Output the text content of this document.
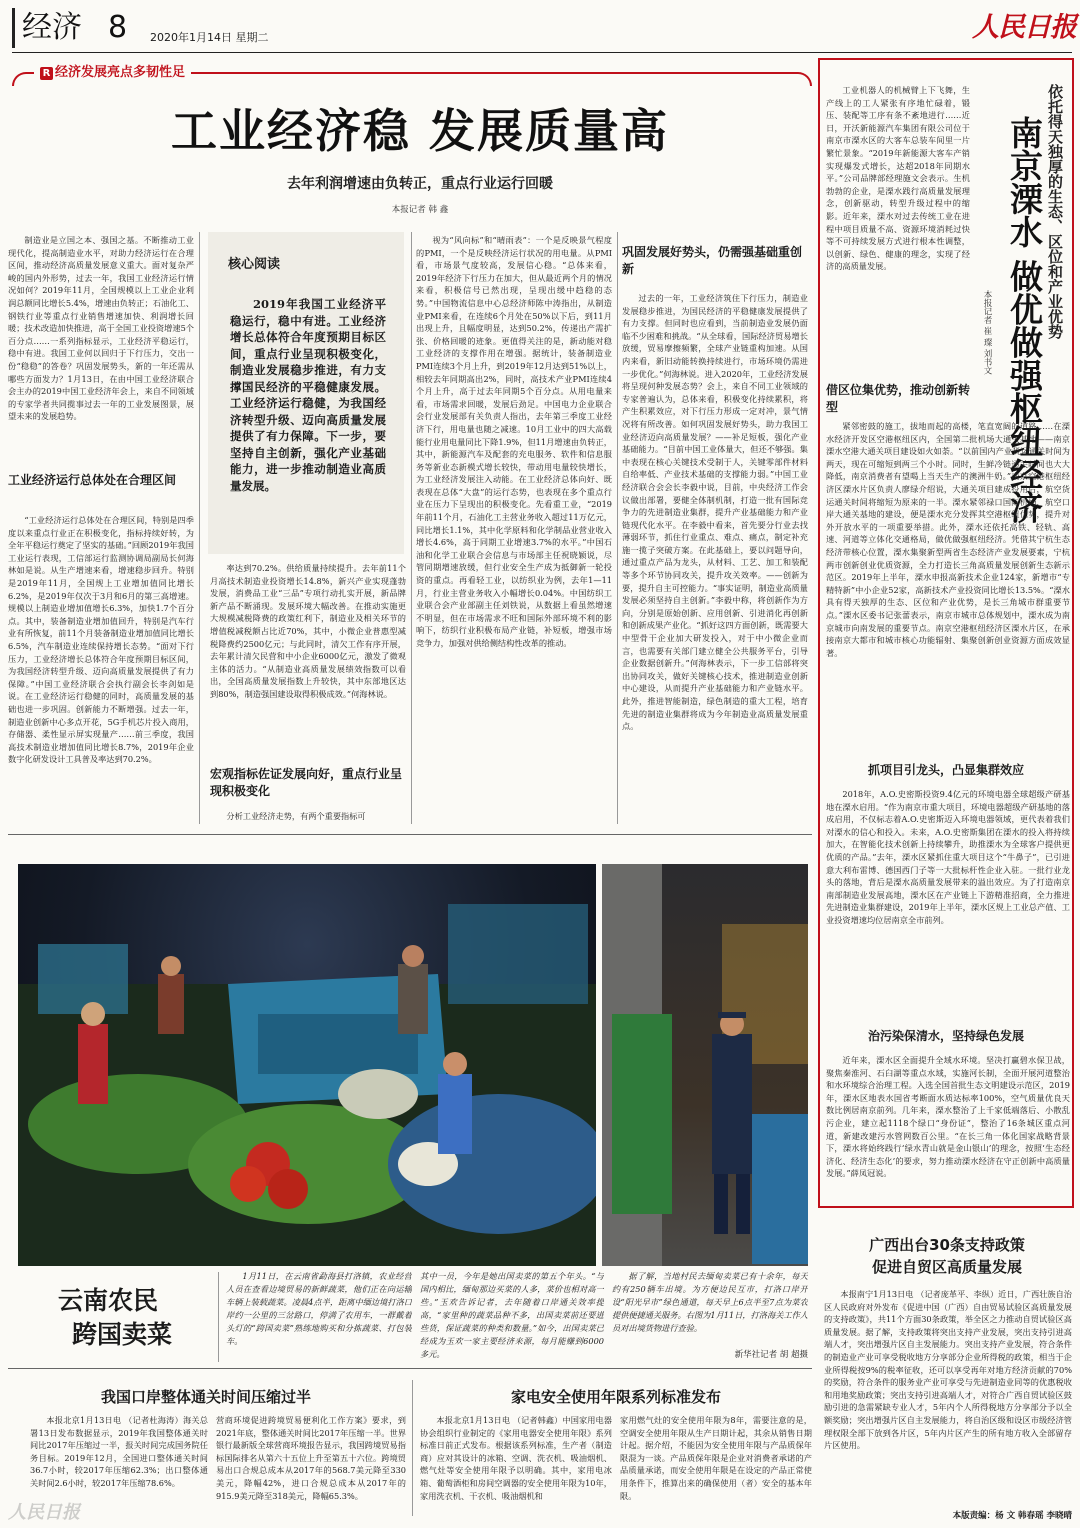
经济 8 2020年1月14日 星期二	人民日报
R 经济发展亮点多韧性足
工业经济稳 发展质量高
去年利润增速由负转正，重点行业运行回暖
本报记者 韩 鑫

制造业是立国之本、强国之基。不断推动工业现代化，提高制造业水平，对助力经济运行在合理区间，推动经济高质量发展意义重大。面对复杂严峻的国内外形势，过去一年，我国工业经济运行情况如何？2019年11月，全国规模以上工业企业利润总额同比增长5.4%，增速由负转正；石油化工、钢铁行业等重点行业销售增速加快、利润增长回暖；技术改造加快推进，高于全国工业投资增速5个百分点……一系列指标显示，工业经济平稳运行，稳中有进。我国工业何以回归于下行压力，交出一份“稳稳”的答卷？巩固发展势头，新的一年还需从哪些方面发力？1月13日，在由中国工业经济联合会主办的2019中国工业经济年会上，来自不同领域的专家学者共同揽事过去一年的工业发展图景，展望未来的发展趋势。

工业经济运行总体处在合理区间

“工业经济运行总体处在合理区间，特别是四季度以来重点行业正在积极变化，指标持续好转，为全年平稳运行奠定了坚实的基础。”回顾2019年我国工业运行表现，工信部运行监测协调局副局长何海林如是说。从生产增速来看，增速稳步回升。特别是2019年11月，全国规上工业增加值同比增长6.2%，是2019年仅次于3月和6月的第三高增速。规模以上制造业增加值增长6.3%，加快1.7个百分点。其中，装备制造业增加值回升，特别是汽车行业有所恢复，前11个月装备制造业增加值同比增长6.5%，汽车制造业连续保持增长态势。“面对下行压力，工业经济增长总体符合年度预期目标区间，为我国经济转型升级、迈向高质量发展提供了有力保障。”中国工业经济联合会执行副会长李剑如是说。在工业经济运行稳健的同时，高质量发展的基础也进一步巩固。创新能力不断增强。过去一年，制造业创新中心多点开花，5G手机芯片投入商用，存储器、柔性显示屏实现量产……前三季度，我国高技术制造业增加值同比增长8.7%，2019年企业数字化研发设计工具普及率达到70.2%。

核心阅读
2019年我国工业经济平稳运行，稳中有进。工业经济增长总体符合年度预期目标区间，重点行业呈现积极变化，制造业发展稳步推进，有力支撑国民经济的平稳健康发展。工业经济运行稳健，为我国经济转型升级、迈向高质量发展提供了有力保障。下一步，要坚持自主创新，强化产业基础能力，进一步推动制造业高质量发展。

率达到70.2%。供给质量持续提升。去年前11个月高技术制造业投资增长14.8%，新兴产业实现蓬勃发展，消费品工业“三品”专项行动扎实开展，新品牌新产品不断涌现。发展环境大幅改善。在推动实施更大规模减税降费的政策红利下，制造业及相关环节的增值税减税额占比近70%，其中，小微企业普惠型减税降费约2500亿元；与此同时，清欠工作有序开展，去年累计清欠民营和中小企业6000亿元，激发了微观主体的活力。“从制造业高质量发展绩效指数可以看出，全国高质量发展指数上升较快，其中东部地区达到80%，制造强国建设取得积极成效。”何海林说。

宏观指标佐证发展向好，重点行业呈现积极变化

分析工业经济走势，有两个重要指标可

视为“风向标”和“晴雨表”：一个是反映景气程度的PMI，一个是反映经济运行状况的用电量。从PMI看，市场景气度较高，发展信心稳。“总体来看，2019年经济下行压力在加大，但从最近两个月的情况来看，积极信号已然出现，呈现出缓中趋稳的态势。”中国物流信息中心总经济师陈中涛指出，从制造业PMI来看，在连续6个月处在50%以下后，到11月出现上升，且幅度明显，达到50.2%，传递出产需扩张、价格回暖的迹象。更值得关注的是，新动能对稳工业经济的支撑作用在增强。据统计，装备制造业PMI连续3个月上升，到2019年12月达到51%以上，相较去年同期高出2%，同时，高技术产业PMI连续4个月上升，高于过去年同期5个百分点。从用电量来看，市场需求回暖，发展后劲足。中国电力企业联合会行业发展部有关负责人指出，去年第三季度工业经济下行，用电量也随之减速。10月工业中的四大高载能行业用电量同比下降1.9%，但11月增速由负转正，其中，新能源汽车及配套的充电服务、软件和信息服务等新业态新模式增长较快，带动用电量较快增长，为工业经济发展注入动能。在工业经济总体向好、既表现在总体“大盘”的运行态势，也表现在多个重点行业在压力下呈现出的积极变化。先看重工业，“2019年前11个月，石油化工主营业务收入超过11万亿元，同比增长1.1%，其中化学原料和化学制品业营业收入增长4.6%，高于同期工业增速3.7%的水平。”中国石油和化学工业联合会信息与市场部主任祝晓颖说，尽管同期增速放缓，但行业安全生产成为抵御新一轮投资的重点。再看轻工业，以纺织业为例，去年1—11月，行业主营业务收入小幅增长0.04%。中国纺织工业联合会产业部副主任刘铁说，从数据上看虽然增速不明显，但在市场需求不旺和国际外部环境不利的影响下，纺织行业积极布局产业链，补短板，增强市场竞争力，加强对供给侧结构性改革的推动。

巩固发展好势头，仍需强基础重创新

过去的一年，工业经济筑住下行压力，制造业发展稳步推进，为国民经济的平稳健康发展提供了有力支撑。但同时也应看到，当前制造业发展仍面临不少困难和挑战。“从全球看，国际经济贸易增长放缓，贸易摩擦频繁，全球产业链重构加速。从国内来看，新旧动能转换持续进行，市场环境仍需进一步优化。”何海林说。进入2020年，工业经济发展将呈现何种发展态势？会上，来自不同工业领域的专家普遍认为，总体来看，积极变化持续累积，将产生积累效应，对下行压力形成一定对冲，景气情况将有所改善。如何巩固发展好势头，助力我国工业经济迈向高质量发展？——补足短板，强化产业基础能力。“目前中国工业体量大，但还不够强。集中表现在核心关键技术受制于人，关键零部件材料自给率低、产业技术基础的支撑能力弱。”中国工业经济联合会会长李毅中说，目前，中央经济工作会议做出部署，要健全体制机制，打造一批有国际竞争力的先进制造业集群，提升产业基础能力和产业链现代化水平。在李毅中看来，首先要分行业去找薄弱环节，抓住行业重点、难点、痛点，制定补充施一揽子突破方案。在此基础上，要以问题导向，通过重点产品为龙头，从材料、工艺、加工和装配等多个环节协同攻关，提升攻关效率。——创新为要，提升自主可控能力。“事实证明，制造业高质量发展必须坚持自主创新。”李毅中称，将创新作为方向，分别是原始创新、应用创新、引进消化再创新和创新成果产业化。“抓好这四方面创新，既需要大中型骨干企业加大研发投入，对于中小微企业而言，也需要有关部门建立健全公共服务平台，引导企业数据创新升。”何海林表示，下一步工信部将突出协同攻关，做好关键核心技术，推进制造业创新中心建设，从而提升产业基础能力和产业链水平。此外，推进智能制造，绿色制造的重大工程，培育先进的制造业集群将成为今年制造业高质量发展重点。

依托得天独厚的生态、区位和产业优势
南京溧水 做优做强枢纽经济
本报记者 崔 璨 刘书文

工业机器人的机械臂上下飞舞，生产线上的工人紧张有序地忙碌着，锻压、装配等工序有条不紊地进行……近日，开沃新能源汽车集团有限公司位于南京市溧水区的大客车总装车间里一片繁忙景象。“2019年新能源大客车产销实现爆发式增长，达超2018年同期水平。”公司品牌部经理施文会表示。生机勃勃的企业，是溧水践行高质量发展理念，创新驱动，转型升级过程中的缩影。近年来，溧水对过去传统工业在进程中项目质量不高、资源环境消耗过快等不可持续发展方式进行根本性调整，以创新、绿色、健康的理念，实现了经济的高质量发展。

借区位集优势，推动创新转型

紧邻密鼓的施工，拔地而起的高楼，笔直宽阔的道路……在溧水经济开发区空港枢纽区内，全国第二批机场大通关基地——南京溧水空港大通关项目建设如火如荼。“以前国内产业货运通关时间为两天，现在可缩短到两三个小时。同时，生鲜冷链通关时间也大大降低，南京消费者有望喝上当天生产的澳洲牛奶。”南京空港枢纽经济区溧水片区负责人廖绿介绍说，大通关项目建成投用后，航空货运通关时间将缩短为原来的一半。溧水紧邻禄口国际机场，航空口岸大通关基地的建设，便是溧水充分发挥其空港枢纽优势，提升对外开放水平的一项重要举措。此外，溧水还依托高铁、轻轨、高速、河道等立体化交通格局，做优做强枢纽经济。凭借其宁杭生态经济带核心位置，溧水集聚新型两省生态经济产业发展要素，宁杭两市创新创业优质资源，全力打造长三角高质量发展创新生态新示范区。2019年上半年，溧水申报高新技术企业124家，新增市“专精特新”中小企业52家，高新技术产业投资同比增长13.5%。“溧水具有得天独厚的生态、区位和产业优势，是长三角城市群重要节点。”溧水区委书记张蕾表示，南京市城市总体规划中，溧水成为南京城市向南发展的重要节点。南京空港枢纽经济区溧水片区，在承接南京大都市和城市核心功能辐射、集聚创新创业资源方面成效显著。

抓项目引龙头，凸显集群效应

2018年，A.O.史密斯投资9.4亿元的环境电器全球超级产研基地在溧水启用。“作为南京市重大项目，环境电器超级产研基地的落成启用，不仅标志着A.O.史密斯迈入环境电器领域，更代表着我们对溧水的信心和投入。未来，A.O.史密斯集团在溧水的投入将持续加大，在智能化技术创新上持续攀升，助推溧水为全球客户提供更优质的产品。”去年，溧水区紧抓住重大项目这个“牛鼻子”，已引进意大利布雷博、德国西门子等一大批标杆性企业入驻。一批行业龙头的落地，背后是溧水高质量发展带来的溢出效应。为了打造南京南部制造业发展高地，溧水区在产业链上下游精准招商，全力推进先进制造业集群建设，2019年上半年，溧水区规上工业总产值、工业投资增速均位居南京全市前列。

治污染保清水，坚持绿色发展

近年来，溧水区全面提升全域水环境。坚决打赢碧水保卫战，聚焦秦淮河、石臼湖等重点水域，实施河长制，全面开展河道整治和水环境综合治理工程。入选全国首批生态文明建设示范区，2019年，溧水区地表水国省考断面水质达标率100%，空气质量优良天数比例居南京前列。几年来，溧水整治了上千家低端落后、小散乱污企业，建立起1118个绿口“身份证”，整治了16条城区重点河道，新建改建污水管网数百公里。“在长三角一体化国家战略背景下，溧水将始终践行‘绿水青山就是金山银山’的理念，按照‘生态经济化、经济生态化’的要求，努力推动溧水经济在守正创新中高质量发展。”薛凤冠说。

云南农民
跨国卖菜
1月11日，在云南省勐海县打洛镇，农业经营人员在查看边境贸易的新鲜蔬菜，他们正在向运输车辆上装载蔬菜。凌晨4点半，距离中缅边境打洛口岸约一公里的三岔路口，停满了农用车，一群戴着头灯的“跨国卖菜”熟练地购买和分拣蔬菜、打包装车。
其中一员，今年是她出国卖菜的第五个年头。“与国内相比，缅甸那边买菜的人多，菜价也相对高一些。”玉欢告诉记者，去年随着口岸通关效率提高，“家里种的蔬菜品种不多，出国卖菜前还要进些货，保证蔬菜的种类和数量。”如今，出国卖菜已经成为玉欢一家主要经济来源，每月能赚到6000多元。
据了解，当地村民去缅甸卖菜已有十余年，每天约有250辆车出境。为方便边民互市，打洛口岸开设“阳光早市”绿色通道，每天早上6点半至7点为菜农提供便捷通关服务。右图为1月11日，打洛海关工作人员对出境货物进行查验。
新华社记者 胡 超摄
广西出台30条支持政策
促进自贸区高质量发展

本报南宁1月13日电 （记者庞革平、李纵）近日，广西壮族自治区人民政府对外发布《促进中国（广西）自由贸易试验区高质量发展的支持政策》，共11个方面30条政策，举全区之力推动自贸试验区高质量发展。据了解，支持政策将突出支持产业发展，突出支持引进高端人才，突出增强片区自主发展能力。突出支持产业发展，符合条件的制造业产业可享受税收地方分享部分企业所得税的政策，相当于企业所得税按9%的税率征收，还可以享受再年对地方经济贡献的70%的奖励，符合条件的服务业产业可享受与先进制造业同等的优惠税收和用地奖励政策；突出支持引进高端人才，对符合广西自贸试验区鼓励引进的急需紧缺专业人才，5年内个人所得税地方分享部分予以全额奖励；突出增强片区自主发展能力，将自治区级和设区市级经济管理权限全部下放到各片区，5年内片区产生的所有地方收入全部留存片区使用。

我国口岸整体通关时间压缩过半

本报北京1月13日电 （记者杜海涛）海关总署13日发布数据显示，2019年我国整体通关时间比2017年压缩过一半，报关时间完成国务院任务目标。2019年12月，全国进口整体通关时间36.7小时，较2017年压缩62.3%；出口整体通关时间2.6小时，较2017年压缩78.6%。

营商环境促进跨境贸易便利化工作方案》要求，到2021年底，整体通关时间比2017年压缩一半。世界银行最新版全球营商环境报告显示，我国跨境贸易指标国际排名从第六十五位上升至第五十六位。跨境贸易出口合规总成本从2017年的568.7美元降至330美元，降幅42%，进口合规总成本从2017年的915.9美元降至318美元，降幅65.3%。

家电安全使用年限系列标准发布

本报北京1月13日电 （记者韩鑫）中国家用电器协会组织行业制定的《家用电器安全使用年限》系列标准日前正式发布。根据该系列标准，生产者（制造商）应对其设计的冰箱、空调、洗衣机、吸油烟机、燃气灶等安全使用年限予以明确。其中，家用电冰箱、葡萄酒柜和房间空调器的安全使用年限为10年，家用洗衣机、干衣机、吸油烟机和

家用燃气灶的安全使用年限为8年，需要注意的是，空调安全使用年限从生产日期计起，其余从销售日期计起。据介绍，不能因为安全使用年限与产品质保年限混为一谈。产品质保年限是企业对消费者承诺的产品质量承诺，而安全使用年限是在设定的产品正常使用条件下，推算出来的确保使用（者）安全的基本年限。

本版责编：杨 文 韩春瑶 李晓晴
人民日报
